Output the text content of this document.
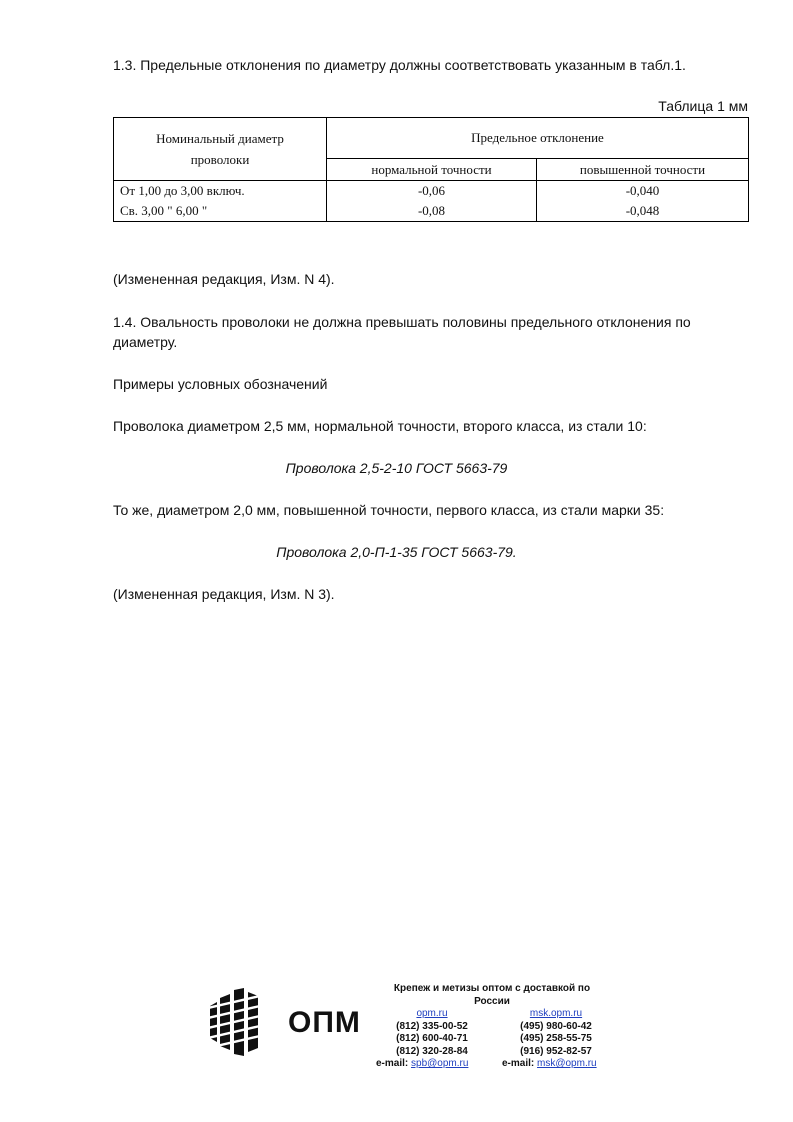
1.3. Предельные отклонения по диаметру должны соответствовать указанным в табл.1.
Таблица 1 мм
Номинальный диаметр
проволоки	Предельное отклонение	
	нормальной точности	повышенной точности
От 1,00 до 3,00 включ.	-0,06	-0,040
Св. 3,00 " 6,00 "	-0,08	-0,048
(Измененная редакция, Изм. N 4).
1.4. Овальность проволоки не должна превышать половины предельного отклонения по
диаметру.
Примеры условных обозначений
Проволока диаметром 2,5 мм, нормальной точности, второго класса, из стали 10:
Проволока 2,5-2-10 ГОСТ 5663-79
То же, диаметром 2,0 мм, повышенной точности, первого класса, из стали марки 35:
Проволока 2,0-П-1-35 ГОСТ 5663-79.
(Измененная редакция, Изм. N 3).
ОПМ
Крепеж и метизы оптом с доставкой по
России
opm.ru
(812) 335-00-52
(812) 600-40-71
(812) 320-28-84
msk.opm.ru
(495) 980-60-42
(495) 258-55-75
(916) 952-82-57
e-mail: spb@opm.ru	e-mail: msk@opm.ru
